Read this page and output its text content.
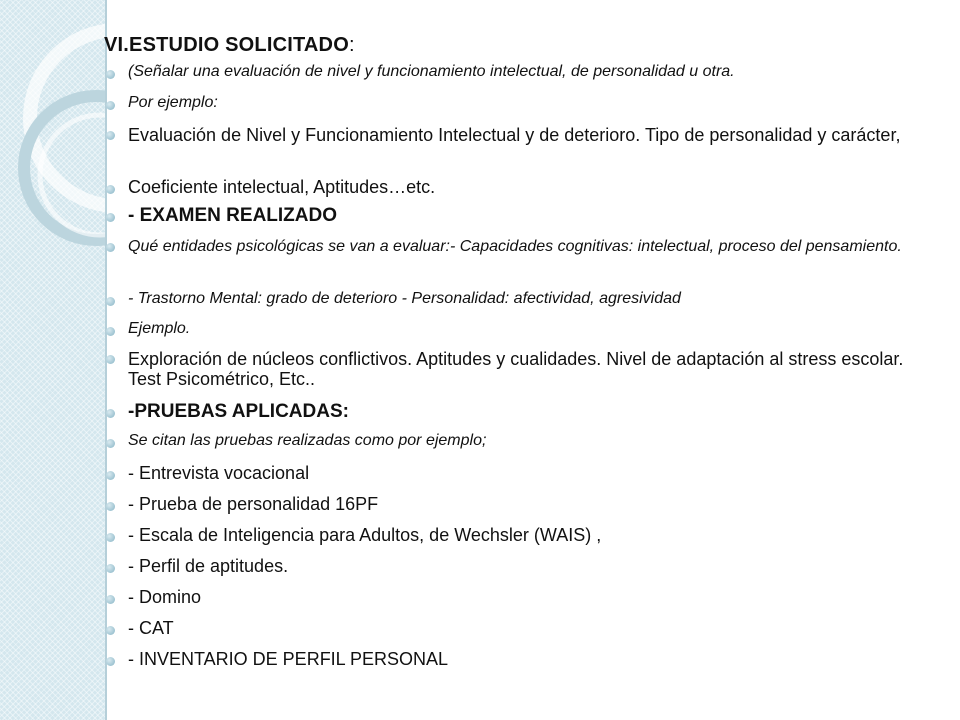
VI.ESTUDIO SOLICITADO:
(Señalar una evaluación de nivel y funcionamiento intelectual, de personalidad u otra.
Por ejemplo:
Evaluación de Nivel y Funcionamiento Intelectual y de deterioro. Tipo de personalidad y carácter,
Coeficiente intelectual, Aptitudes…etc.
- EXAMEN REALIZADO
Qué entidades psicológicas se van a evaluar:- Capacidades cognitivas: intelectual, proceso del pensamiento.
- Trastorno Mental: grado de deterioro - Personalidad: afectividad, agresividad
Ejemplo.
Exploración de núcleos conflictivos. Aptitudes y cualidades. Nivel de adaptación al stress escolar. Test Psicométrico, Etc..
-PRUEBAS APLICADAS:
Se citan las pruebas realizadas como por ejemplo;
- Entrevista vocacional
- Prueba de personalidad 16PF
- Escala de Inteligencia para Adultos, de Wechsler (WAIS) ,
- Perfil de aptitudes.
- Domino
- CAT
- INVENTARIO DE PERFIL PERSONAL
